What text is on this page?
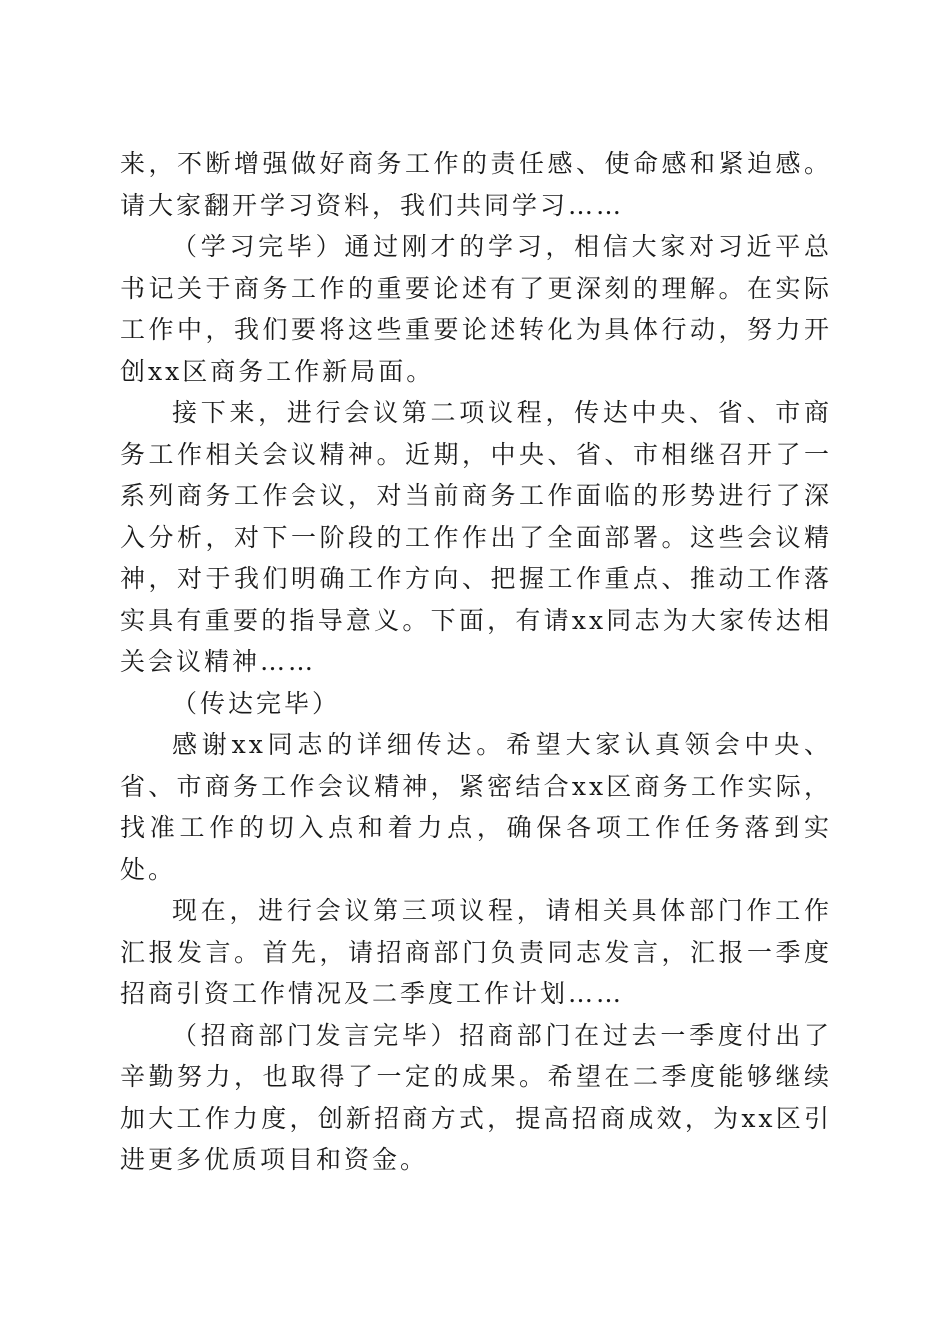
来，不断增强做好商务工作的责任感、使命感和紧迫感。请大家翻开学习资料，我们共同学习……

（学习完毕）通过刚才的学习，相信大家对习近平总书记关于商务工作的重要论述有了更深刻的理解。在实际工作中，我们要将这些重要论述转化为具体行动，努力开创xx区商务工作新局面。

接下来，进行会议第二项议程，传达中央、省、市商务工作相关会议精神。近期，中央、省、市相继召开了一系列商务工作会议，对当前商务工作面临的形势进行了深入分析，对下一阶段的工作作出了全面部署。这些会议精神，对于我们明确工作方向、把握工作重点、推动工作落实具有重要的指导意义。下面，有请xx同志为大家传达相关会议精神……

（传达完毕）

感谢xx同志的详细传达。希望大家认真领会中央、省、市商务工作会议精神，紧密结合xx区商务工作实际，找准工作的切入点和着力点，确保各项工作任务落到实处。

现在，进行会议第三项议程，请相关具体部门作工作汇报发言。首先，请招商部门负责同志发言，汇报一季度招商引资工作情况及二季度工作计划……

（招商部门发言完毕）招商部门在过去一季度付出了辛勤努力，也取得了一定的成果。希望在二季度能够继续加大工作力度，创新招商方式，提高招商成效，为xx区引进更多优质项目和资金。
